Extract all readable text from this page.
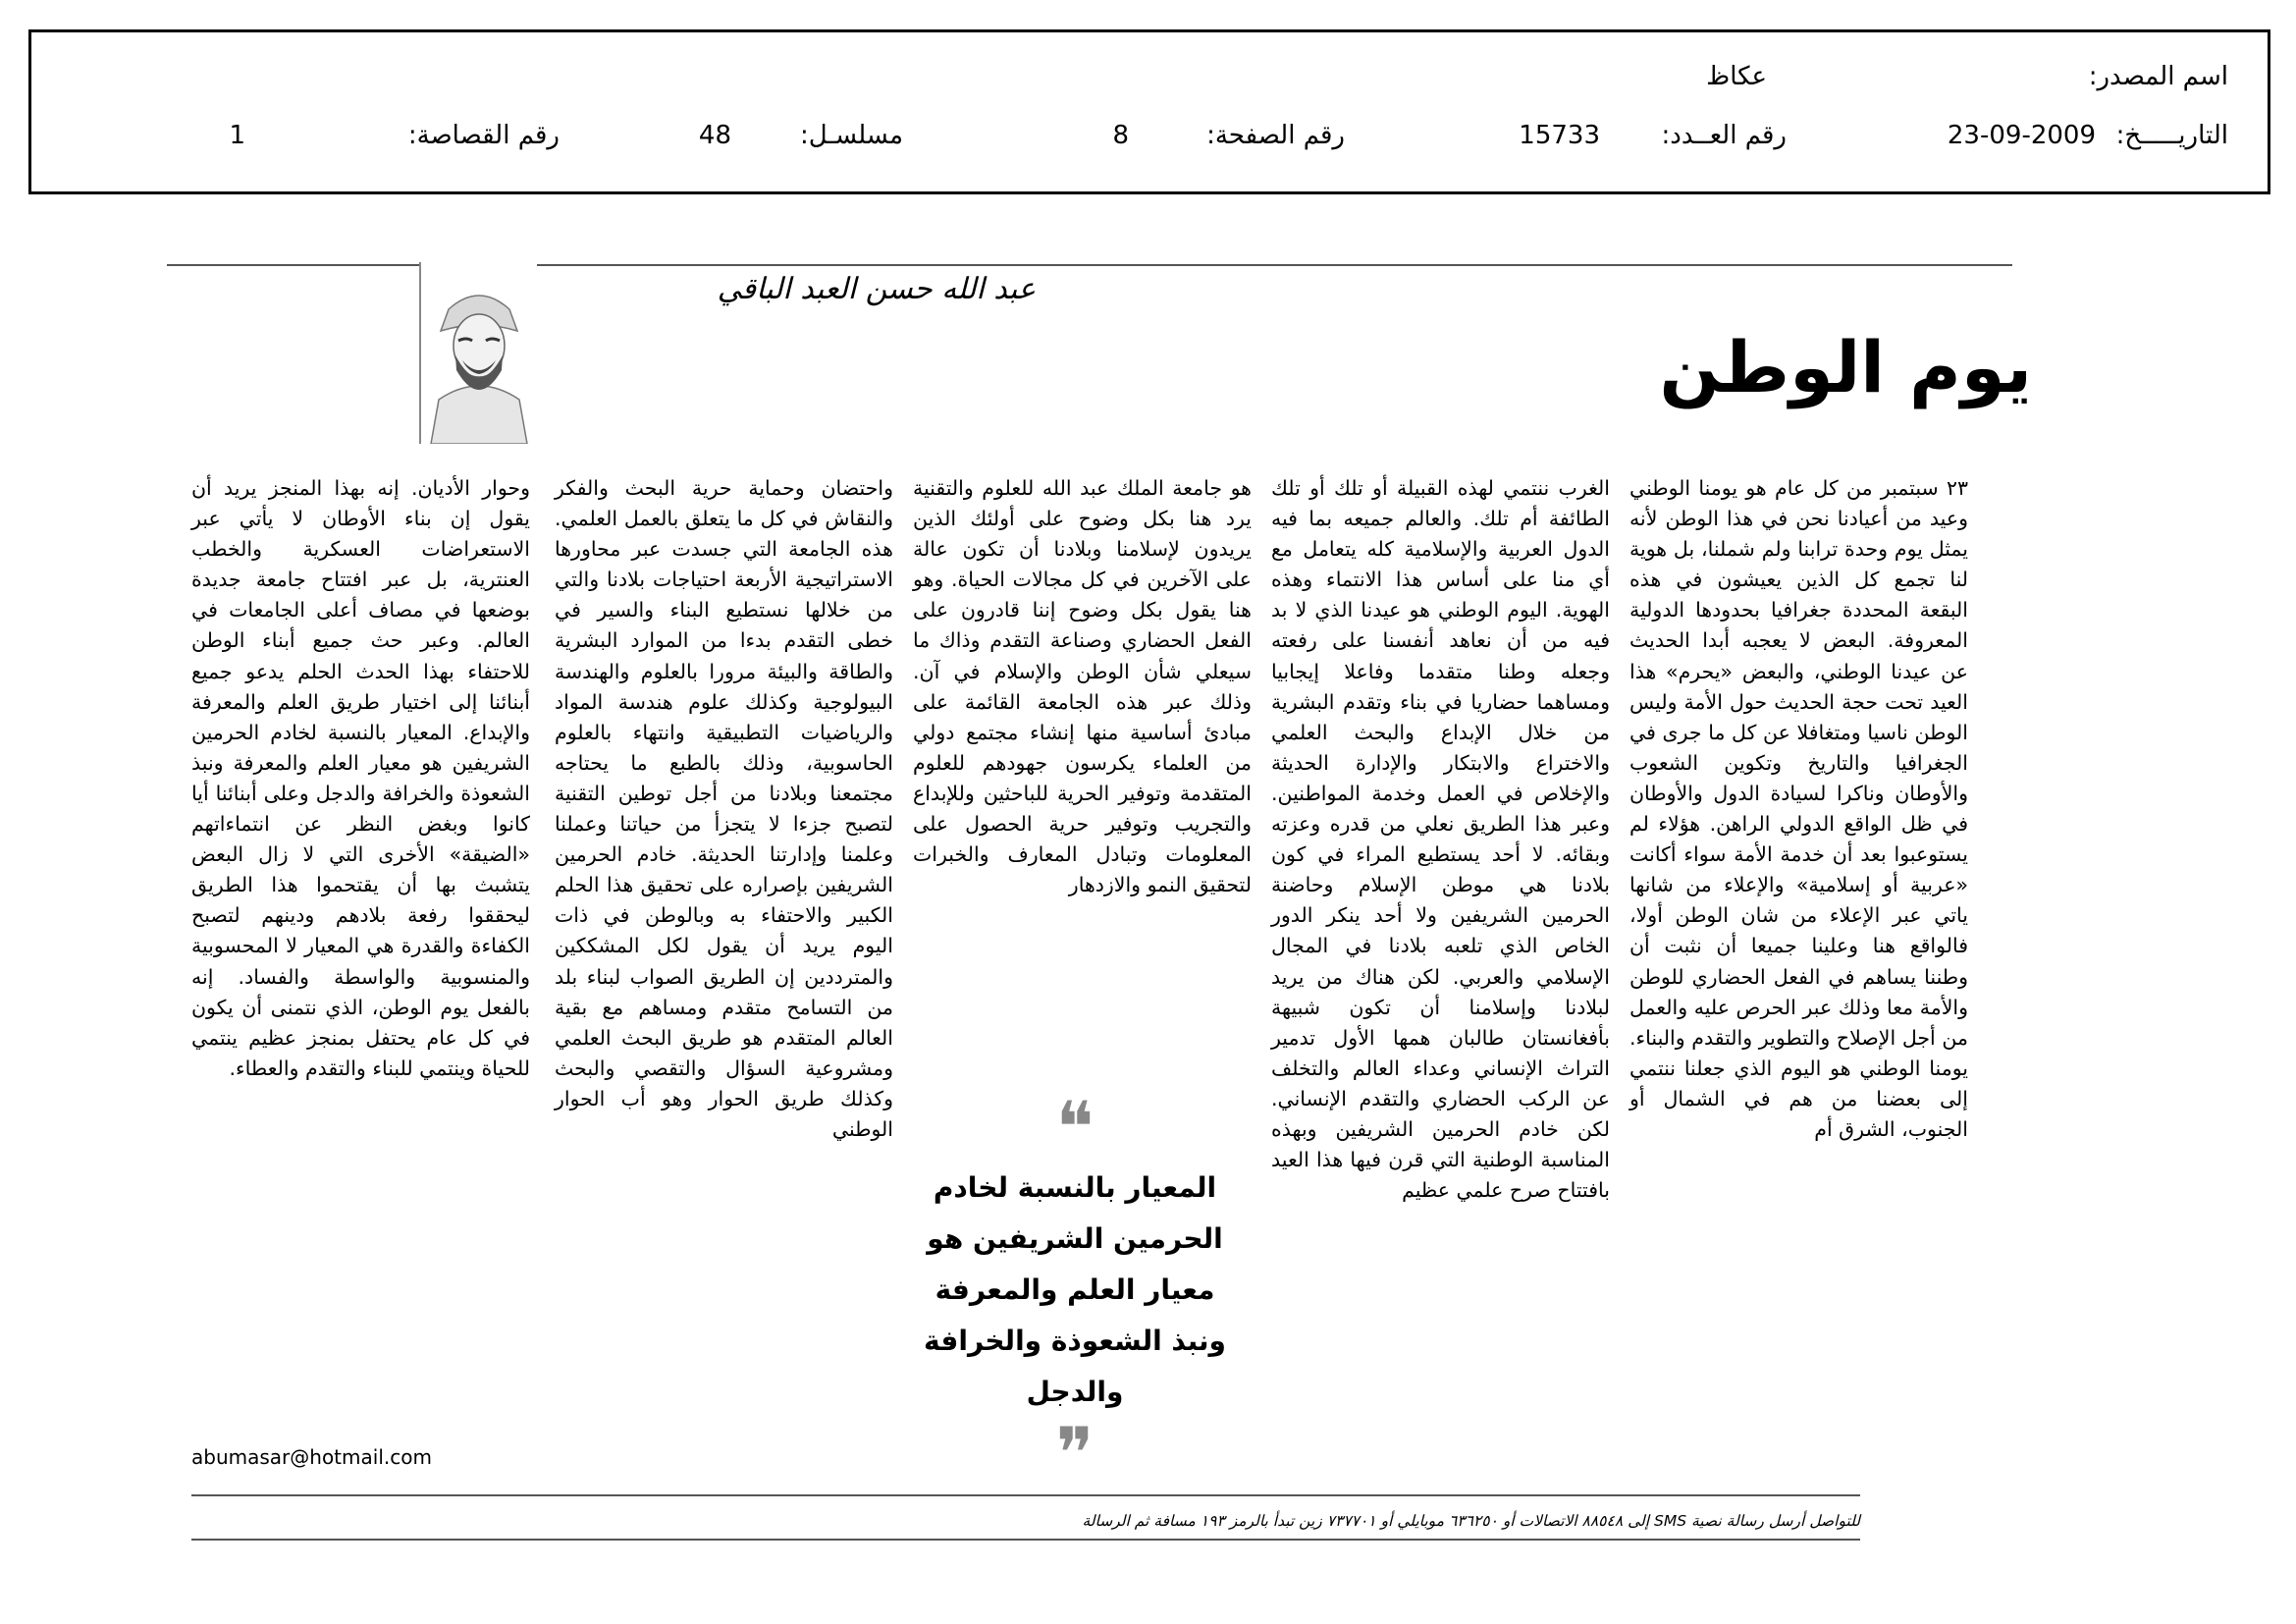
اسم المصدر:
عكاظ
التاريـــــخ:
23-09-2009
رقم العــدد:
15733
رقم الصفحة:
8
مسلسـل:
48
رقم القصاصة:
1
عبد الله حسن العبد الباقي
يوم الوطن

٢٣ سبتمبر من كل عام هو يومنا الوطني وعيد من أعيادنا نحن في هذا الوطن لأنه يمثل يوم وحدة ترابنا ولم شملنا، بل هوية لنا تجمع كل الذين يعيشون في هذه البقعة المحددة جغرافيا بحدودها الدولية المعروفة. البعض لا يعجبه أبدا الحديث عن عيدنا الوطني، والبعض «يحرم» هذا العيد تحت حجة الحديث حول الأمة وليس الوطن ناسيا ومتغافلا عن كل ما جرى في الجغرافيا والتاريخ وتكوين الشعوب والأوطان وناكرا لسيادة الدول والأوطان في ظل الواقع الدولي الراهن. هؤلاء لم يستوعبوا بعد أن خدمة الأمة سواء أكانت «عربية أو إسلامية» والإعلاء من شانها ياتي عبر الإعلاء من شان الوطن أولا، فالواقع هنا وعلينا جميعا أن نثبت أن وطننا يساهم في الفعل الحضاري للوطن والأمة معا وذلك عبر الحرص عليه والعمل من أجل الإصلاح والتطوير والتقدم والبناء. يومنا الوطني هو اليوم الذي جعلنا ننتمي إلى بعضنا من هم في الشمال أو الجنوب، الشرق أم

الغرب ننتمي لهذه القبيلة أو تلك أو تلك الطائفة أم تلك. والعالم جميعه بما فيه الدول العربية والإسلامية كله يتعامل مع أي منا على أساس هذا الانتماء وهذه الهوية. اليوم الوطني هو عيدنا الذي لا بد فيه من أن نعاهد أنفسنا على رفعته وجعله وطنا متقدما وفاعلا إيجابيا ومساهما حضاريا في بناء وتقدم البشرية من خلال الإبداع والبحث العلمي والاختراع والابتكار والإدارة الحديثة والإخلاص في العمل وخدمة المواطنين. وعبر هذا الطريق نعلي من قدره وعزته وبقائه. لا أحد يستطيع المراء في كون بلادنا هي موطن الإسلام وحاضنة الحرمين الشريفين ولا أحد ينكر الدور الخاص الذي تلعبه بلادنا في المجال الإسلامي والعربي. لكن هناك من يريد لبلادنا وإسلامنا أن تكون شبيهة بأفغانستان طالبان همها الأول تدمير التراث الإنساني وعداء العالم والتخلف عن الركب الحضاري والتقدم الإنساني. لكن خادم الحرمين الشريفين وبهذه المناسبة الوطنية التي قرن فيها هذا العيد بافتتاح صرح علمي عظيم

هو جامعة الملك عبد الله للعلوم والتقنية يرد هنا بكل وضوح على أولئك الذين يريدون لإسلامنا وبلادنا أن تكون عالة على الآخرين في كل مجالات الحياة. وهو هنا يقول بكل وضوح إننا قادرون على الفعل الحضاري وصناعة التقدم وذاك ما سيعلي شأن الوطن والإسلام في آن. وذلك عبر هذه الجامعة القائمة على مبادئ أساسية منها إنشاء مجتمع دولي من العلماء يكرسون جهودهم للعلوم المتقدمة وتوفير الحرية للباحثين وللإبداع والتجريب وتوفير حرية الحصول على المعلومات وتبادل المعارف والخبرات لتحقيق النمو والازدهار

واحتضان وحماية حرية البحث والفكر والنقاش في كل ما يتعلق بالعمل العلمي. هذه الجامعة التي جسدت عبر محاورها الاستراتيجية الأربعة احتياجات بلادنا والتي من خلالها نستطيع البناء والسير في خطى التقدم بدءا من الموارد البشرية والطاقة والبيئة مرورا بالعلوم والهندسة البيولوجية وكذلك علوم هندسة المواد والرياضيات التطبيقية وانتهاء بالعلوم الحاسوبية، وذلك بالطبع ما يحتاجه مجتمعنا وبلادنا من أجل توطين التقنية لتصبح جزءا لا يتجزأ من حياتنا وعملنا وعلمنا وإدارتنا الحديثة. خادم الحرمين الشريفين بإصراره على تحقيق هذا الحلم الكبير والاحتفاء به وبالوطن في ذات اليوم يريد أن يقول لكل المشككين والمترددين إن الطريق الصواب لبناء بلد من التسامح متقدم ومساهم مع بقية العالم المتقدم هو طريق البحث العلمي ومشروعية السؤال والتقصي والبحث وكذلك طريق الحوار وهو أب الحوار الوطني

وحوار الأديان. إنه بهذا المنجز يريد أن يقول إن بناء الأوطان لا يأتي عبر الاستعراضات العسكرية والخطب العنترية، بل عبر افتتاح جامعة جديدة بوضعها في مصاف أعلى الجامعات في العالم. وعبر حث جميع أبناء الوطن للاحتفاء بهذا الحدث الحلم يدعو جميع أبنائنا إلى اختيار طريق العلم والمعرفة والإبداع. المعيار بالنسبة لخادم الحرمين الشريفين هو معيار العلم والمعرفة ونبذ الشعوذة والخرافة والدجل وعلى أبنائنا أيا كانوا وبغض النظر عن انتماءاتهم «الضيقة» الأخرى التي لا زال البعض يتشبث بها أن يقتحموا هذا الطريق ليحققوا رفعة بلادهم ودينهم لتصبح الكفاءة والقدرة هي المعيار لا المحسوبية والمنسوبية والواسطة والفساد. إنه بالفعل يوم الوطن، الذي نتمنى أن يكون في كل عام يحتفل بمنجز عظيم ينتمي للحياة وينتمي للبناء والتقدم والعطاء.

❝
المعيار بالنسبة لخادم الحرمين الشريفين هو معيار العلم والمعرفة ونبذ الشعوذة والخرافة والدجل
❞
abumasar@hotmail.com
للتواصل أرسل رسالة نصية SMS إلى ٨٨٥٤٨ الاتصالات أو ٦٣٦٢٥٠ موبايلي أو ٧٣٧٧٠١ زين تبدأ بالرمز ١٩٣ مسافة ثم الرسالة
